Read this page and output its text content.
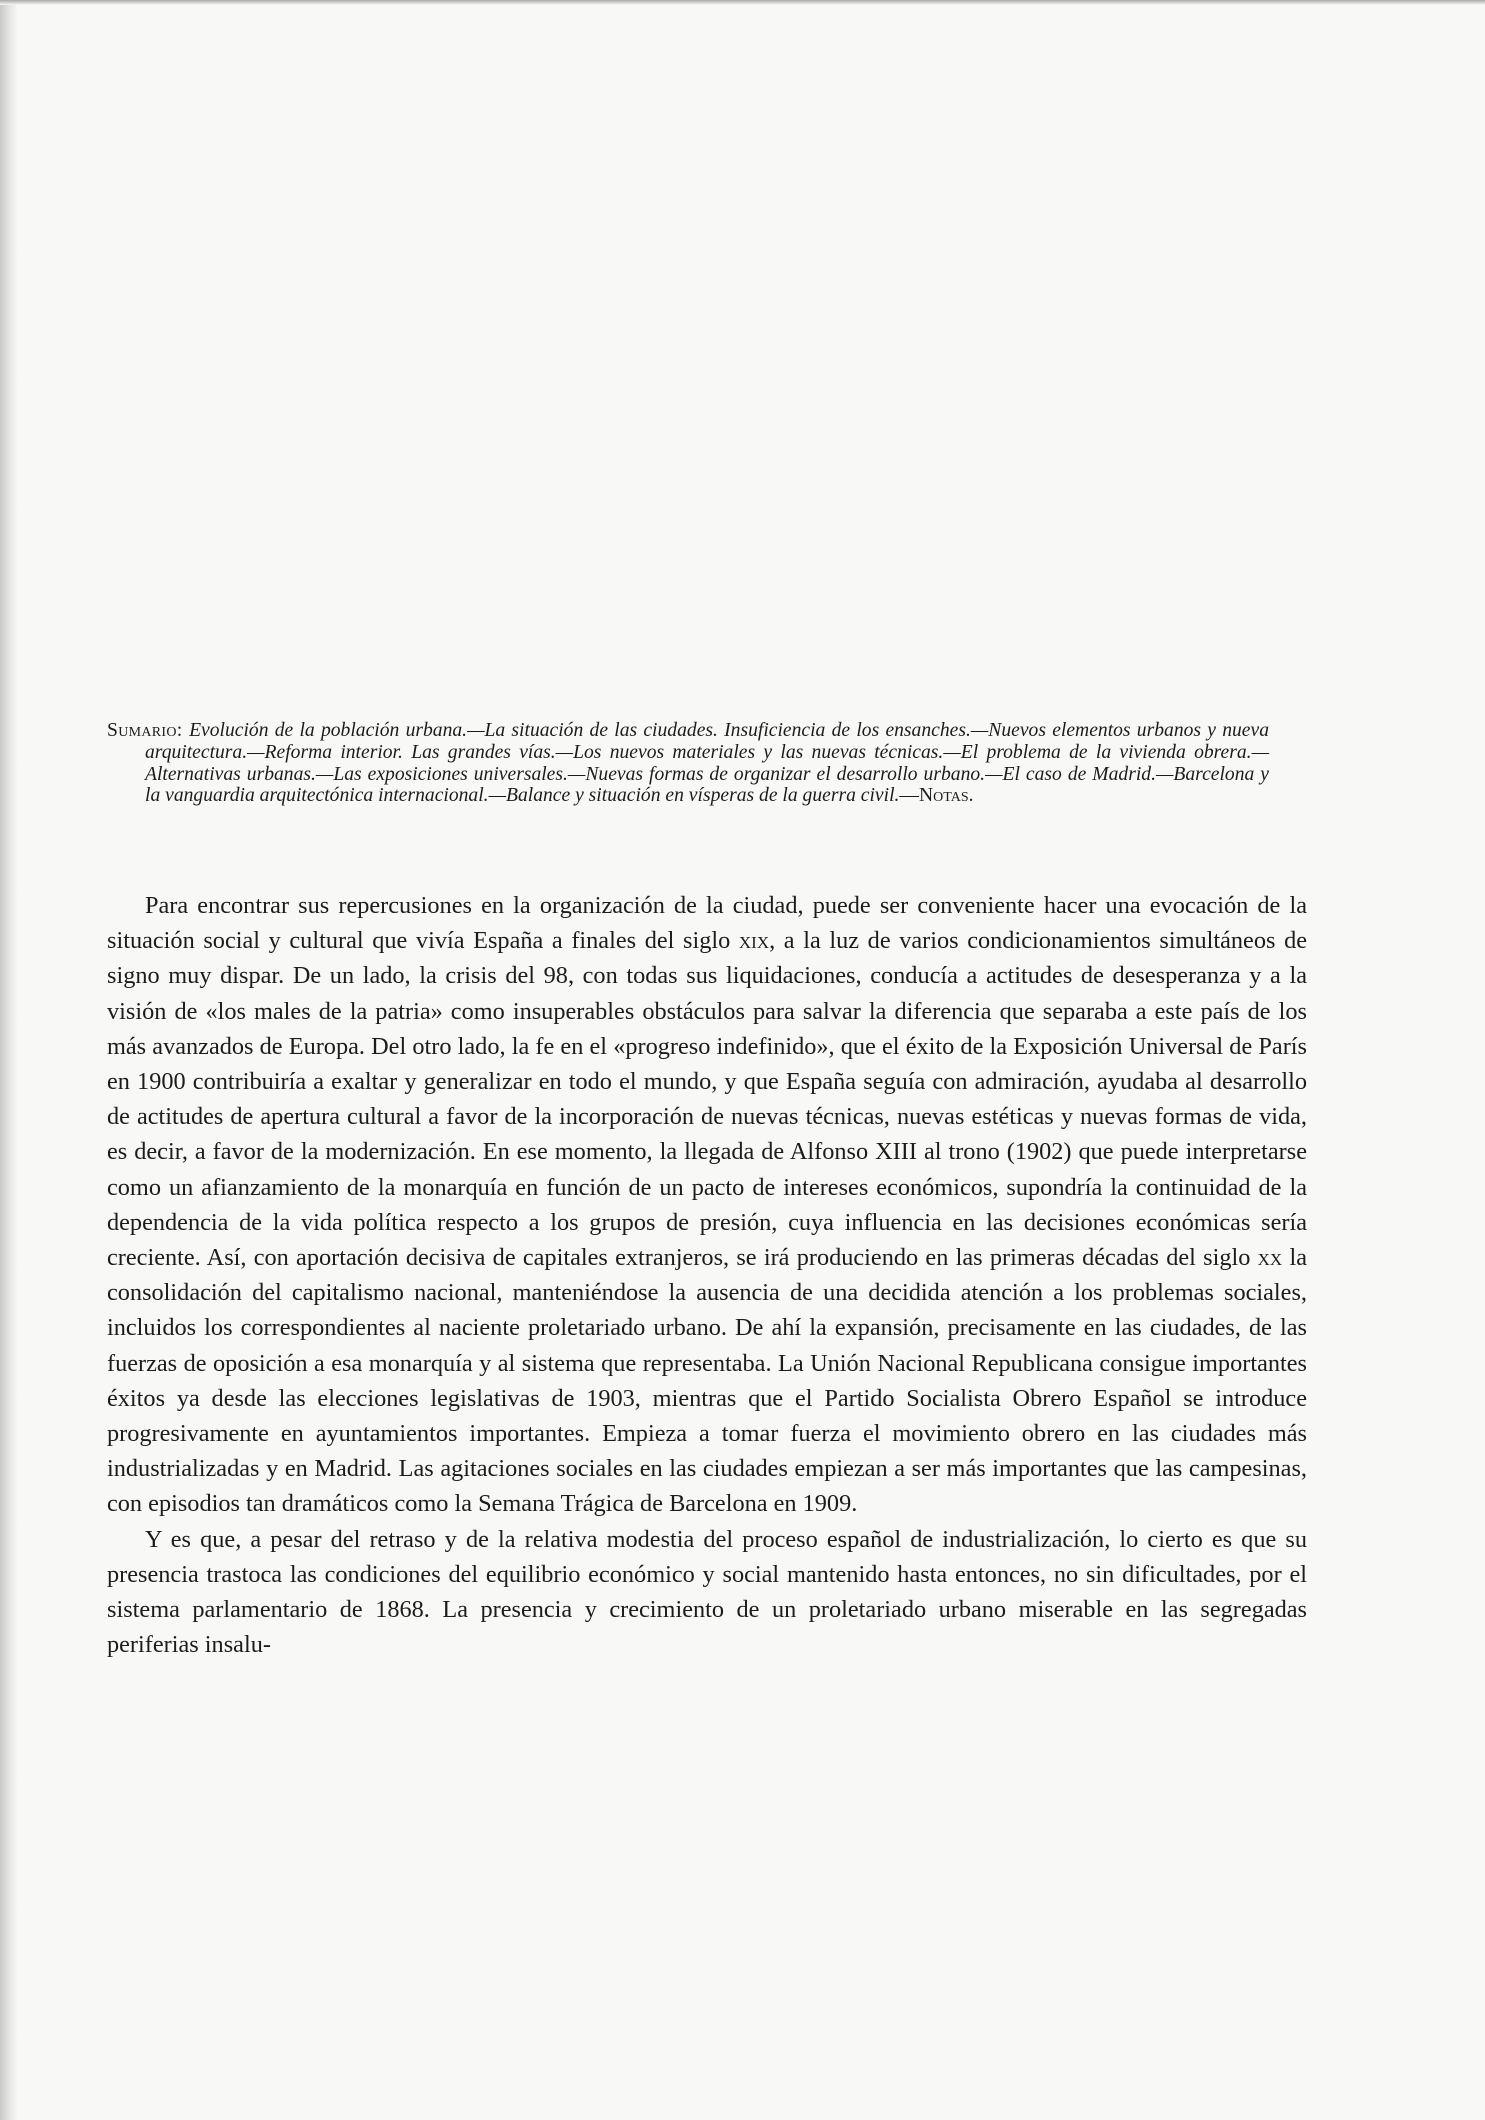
Sumario: Evolución de la población urbana.—La situación de las ciudades. Insuficiencia de los ensanches.—Nuevos elementos urbanos y nueva arquitectura.—Reforma interior. Las grandes vías.—Los nuevos materiales y las nuevas técnicas.—El problema de la vivienda obrera.—Alternativas urbanas.—Las exposiciones universales.—Nuevas formas de organizar el desarrollo urbano.—El caso de Madrid.—Barcelona y la vanguardia arquitectónica internacional.—Balance y situación en vísperas de la guerra civil.—Notas.

Para encontrar sus repercusiones en la organización de la ciudad, puede ser conveniente hacer una evocación de la situación social y cultural que vivía España a finales del siglo xix, a la luz de varios condicionamientos simultáneos de signo muy dispar. De un lado, la crisis del 98, con todas sus liquidaciones, conducía a actitudes de desesperanza y a la visión de «los males de la patria» como insuperables obstáculos para salvar la diferencia que separaba a este país de los más avanzados de Europa. Del otro lado, la fe en el «progreso indefinido», que el éxito de la Exposición Universal de París en 1900 contribuiría a exaltar y generalizar en todo el mundo, y que España seguía con admiración, ayudaba al desarrollo de actitudes de apertura cultural a favor de la incorporación de nuevas técnicas, nuevas estéticas y nuevas formas de vida, es decir, a favor de la modernización. En ese momento, la llegada de Alfonso XIII al trono (1902) que puede interpretarse como un afianzamiento de la monarquía en función de un pacto de intereses económicos, supondría la continuidad de la dependencia de la vida política respecto a los grupos de presión, cuya influencia en las decisiones económicas sería creciente. Así, con aportación decisiva de capitales extranjeros, se irá produciendo en las primeras décadas del siglo xx la consolidación del capitalismo nacional, manteniéndose la ausencia de una decidida atención a los problemas sociales, incluidos los correspondientes al naciente proletariado urbano. De ahí la expansión, precisamente en las ciudades, de las fuerzas de oposición a esa monarquía y al sistema que representaba. La Unión Nacional Republicana consigue importantes éxitos ya desde las elecciones legislativas de 1903, mientras que el Partido Socialista Obrero Español se introduce progresivamente en ayuntamientos importantes. Empieza a tomar fuerza el movimiento obrero en las ciudades más industrializadas y en Madrid. Las agitaciones sociales en las ciudades empiezan a ser más importantes que las campesinas, con episodios tan dramáticos como la Semana Trágica de Barcelona en 1909.

Y es que, a pesar del retraso y de la relativa modestia del proceso español de industrialización, lo cierto es que su presencia trastoca las condiciones del equilibrio económico y social mantenido hasta entonces, no sin dificultades, por el sistema parlamentario de 1868. La presencia y crecimiento de un proletariado urbano miserable en las segregadas periferias insalu-
